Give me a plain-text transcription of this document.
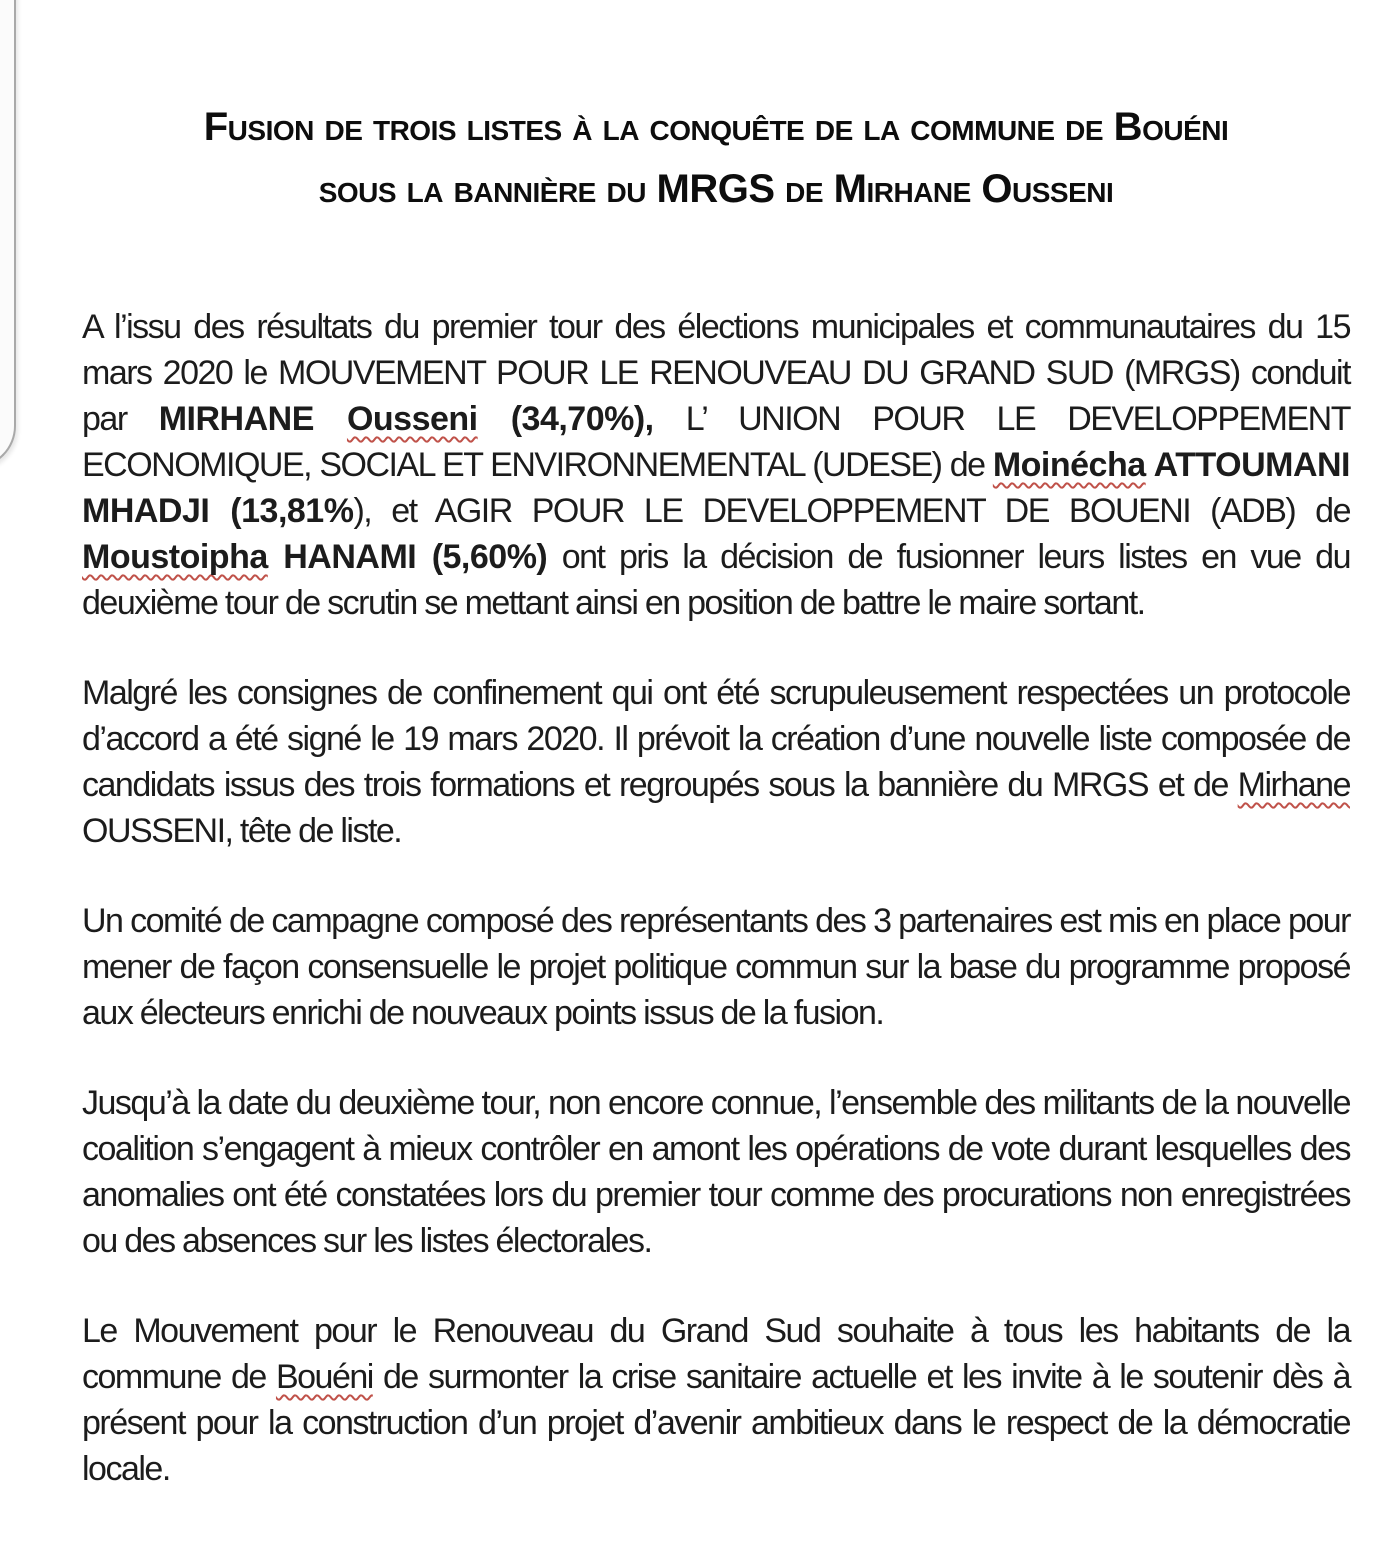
Fusion de trois listes à la conquête de la commune de Bouéni
sous la bannière du MRGS de Mirhane Ousseni

A l’issu des résultats du premier tour des élections municipales et communautaires du 15 mars 2020 le MOUVEMENT POUR LE RENOUVEAU DU GRAND SUD (MRGS) conduit par MIRHANE Ousseni (34,70%), L’ UNION POUR LE DEVELOPPEMENT ECONOMIQUE, SOCIAL ET ENVIRONNEMENTAL (UDESE) de Moinécha ATTOUMANI MHADJI (13,81%), et AGIR POUR LE DEVELOPPEMENT DE BOUENI (ADB) de Moustoipha HANAMI (5,60%) ont pris la décision de fusionner leurs listes en vue du deuxième tour de scrutin se mettant ainsi en position de battre le maire sortant.

Malgré les consignes de confinement qui ont été scrupuleusement respectées un protocole d’accord a été signé le 19 mars 2020. Il prévoit la création d’une nouvelle liste composée de candidats issus des trois formations et regroupés sous la bannière du MRGS et de Mirhane OUSSENI, tête de liste.

Un comité de campagne composé des représentants des 3 partenaires est mis en place pour mener de façon consensuelle le projet politique commun sur la base du programme proposé aux électeurs enrichi de nouveaux points issus de la fusion.

Jusqu’à la date du deuxième tour, non encore connue, l’ensemble des militants de la nouvelle coalition s’engagent à mieux contrôler en amont les opérations de vote durant lesquelles des anomalies ont été constatées lors du premier tour comme des procurations non enregistrées ou des absences sur les listes électorales.

Le Mouvement pour le Renouveau du Grand Sud souhaite à tous les habitants de la commune de Bouéni de surmonter la crise sanitaire actuelle et les invite à le soutenir dès à présent pour la construction d’un projet d’avenir ambitieux dans le respect de la démocratie locale.
